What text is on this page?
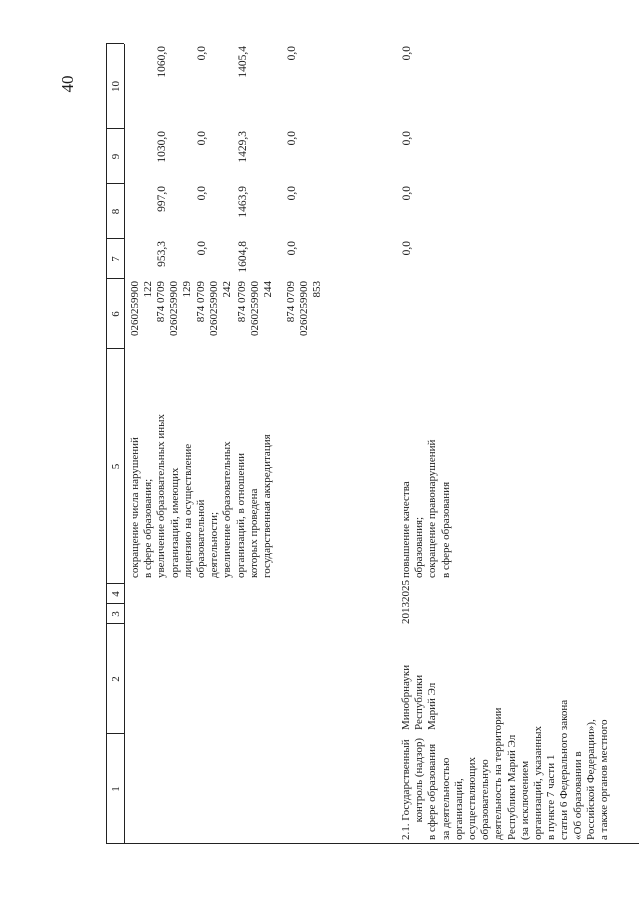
40
1
2
3
4
5
6
7
8
9
10
сокращение числа нарушений в сфере образования; увеличение образовательных иных организаций, имеющих лицензию на осуществление образовательной деятельности; увеличение образовательных организаций, в отношении которых проведена государственная аккредитация
0260259900 122 874 0709 0260259900 129 874 0709 0260259900 242 874 0709 0260259900 244 874 0709 0260259900 853
953,3
997,0
1030,0
1060,0
0,0
0,0
0,0
0,0
1604,8
1463,9
1429,3
1405,4
0,0
0,0
0,0
0,0
2.1. Государственный контроль (надзор) в сфере образования за деятельностью организаций, осуществляющих образовательную деятельность на территории Республики Марий Эл (за исключением организаций, указанных в пункте 7 части 1 статьи 6 Федерального закона «Об образовании в Российской Федерации»), а также органов местного
Минобрнауки Республики Марий Эл
2013
2025
повышение качества образования; сокращение правонарушений в сфере образования
0,0
0,0
0,0
0,0
